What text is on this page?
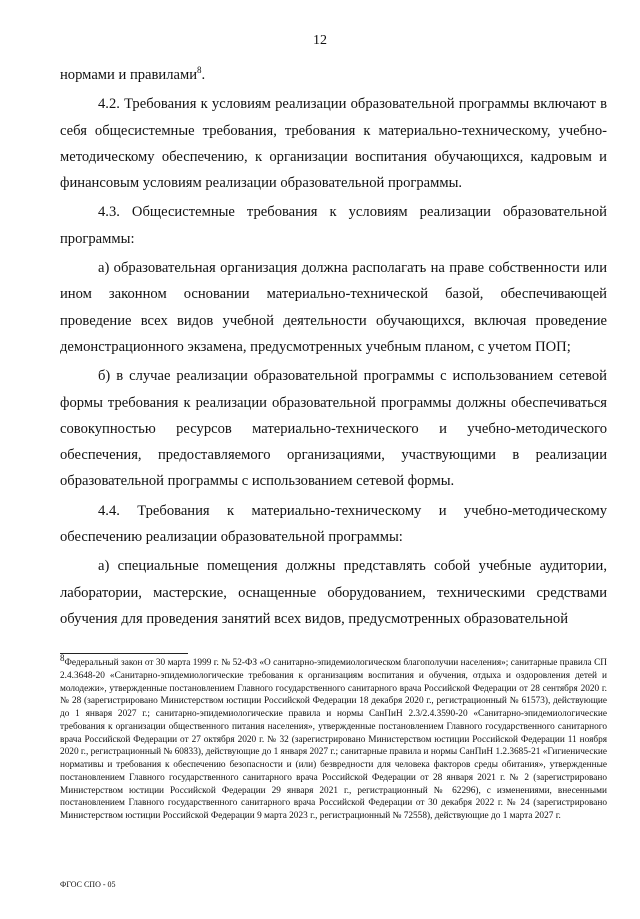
12

нормами и правилами$^8$.

4.2. Требования к условиям реализации образовательной программы включают в себя общесистемные требования, требования к материально-техническому, учебно-методическому обеспечению, к организации воспитания обучающихся, кадровым и финансовым условиям реализации образовательной программы.

4.3. Общесистемные требования к условиям реализации образовательной программы:

а) образовательная организация должна располагать на праве собственности или ином законном основании материально-технической базой, обеспечивающей проведение всех видов учебной деятельности обучающихся, включая проведение демонстрационного экзамена, предусмотренных учебным планом, с учетом ПОП;

б) в случае реализации образовательной программы с использованием сетевой формы требования к реализации образовательной программы должны обеспечиваться совокупностью ресурсов материально-технического и учебно-методического обеспечения, предоставляемого организациями, участвующими в реализации образовательной программы с использованием сетевой формы.

4.4. Требования к материально-техническому и учебно-методическому обеспечению реализации образовательной программы:

а) специальные помещения должны представлять собой учебные аудитории, лаборатории, мастерские, оснащенные оборудованием, техническими средствами обучения для проведения занятий всех видов, предусмотренных образовательной

$^8$Федеральный закон от 30 марта 1999 г. № 52-ФЗ «О санитарно-эпидемиологическом благополучии населения»; санитарные правила СП 2.4.3648-20 «Санитарно-эпидемиологические требования к организациям воспитания и обучения, отдыха и оздоровления детей и молодежи», утвержденные постановлением Главного государственного санитарного врача Российской Федерации от 28 сентября 2020 г. № 28 (зарегистрировано Министерством юстиции Российской Федерации 18 декабря 2020 г., регистрационный № 61573), действующие до 1 января 2027 г.; санитарно-эпидемиологические правила и нормы СанПиН 2.3/2.4.3590-20 «Санитарно-эпидемиологические требования к организации общественного питания населения», утвержденные постановлением Главного государственного санитарного врача Российской Федерации от 27 октября 2020 г. № 32 (зарегистрировано Министерством юстиции Российской Федерации 11 ноября 2020 г., регистрационный № 60833), действующие до 1 января 2027 г.; санитарные правила и нормы СанПиН 1.2.3685-21 «Гигиенические нормативы и требования к обеспечению безопасности и (или) безвредности для человека факторов среды обитания», утвержденные постановлением Главного государственного санитарного врача Российской Федерации от 28 января 2021 г. № 2 (зарегистрировано Министерством юстиции Российской Федерации 29 января 2021 г., регистрационный № 62296), с изменениями, внесенными постановлением Главного государственного санитарного врача Российской Федерации от 30 декабря 2022 г. № 24 (зарегистрировано Министерством юстиции Российской Федерации 9 марта 2023 г., регистрационный № 72558), действующие до 1 марта 2027 г.
ФГОС СПО - 05
